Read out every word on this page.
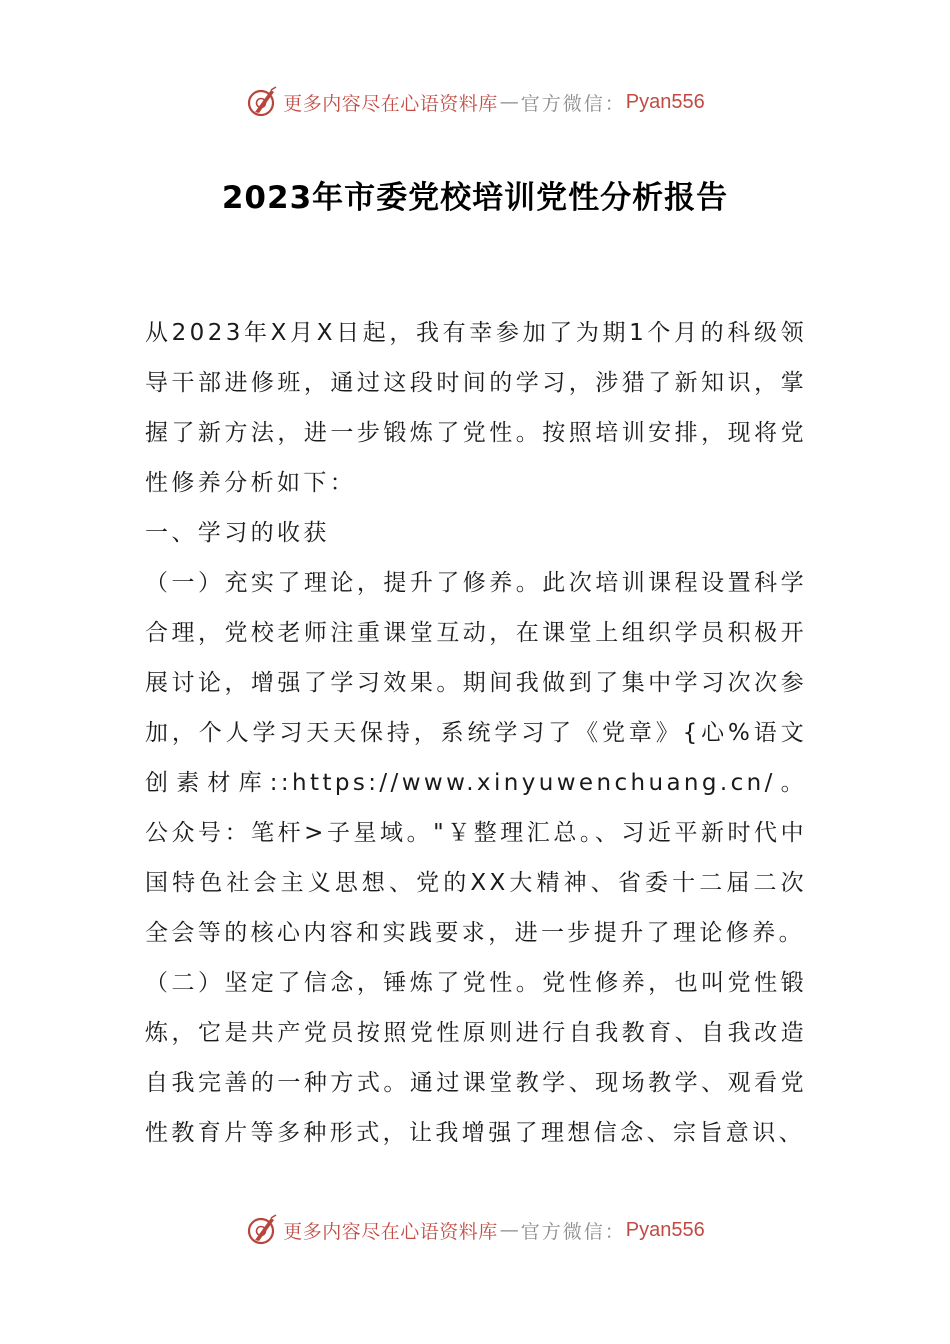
更多内容尽在心语资料库 — 官方微信： Pyan556
2023年市委党校培训党性分析报告

从2023年X月X日起，我有幸参加了为期1个月的科级领导干部进修班，通过这段时间的学习，涉猎了新知识，掌握了新方法，进一步锻炼了党性。按照培训安排，现将党性修养分析如下：

一、学习的收获

（一）充实了理论，提升了修养。此次培训课程设置科学合理，党校老师注重课堂互动，在课堂上组织学员积极开展讨论，增强了学习效果。期间我做到了集中学习次次参加，个人学习天天保持，系统学习了《党章》{心%语文创素材库::https://www.xinyuwenchuang.cn/。公众号：笔杆>子星域。"￥整理汇总。、习近平新时代中国特色社会主义思想、党的XX大精神、省委十二届二次全会等的核心内容和实践要求，进一步提升了理论修养。

（二）坚定了信念，锤炼了党性。党性修养，也叫党性锻炼，它是共产党员按照党性原则进行自我教育、自我改造自我完善的一种方式。通过课堂教学、现场教学、观看党性教育片等多种形式，让我增强了理想信念、宗旨意识、

更多内容尽在心语资料库 — 官方微信： Pyan556
